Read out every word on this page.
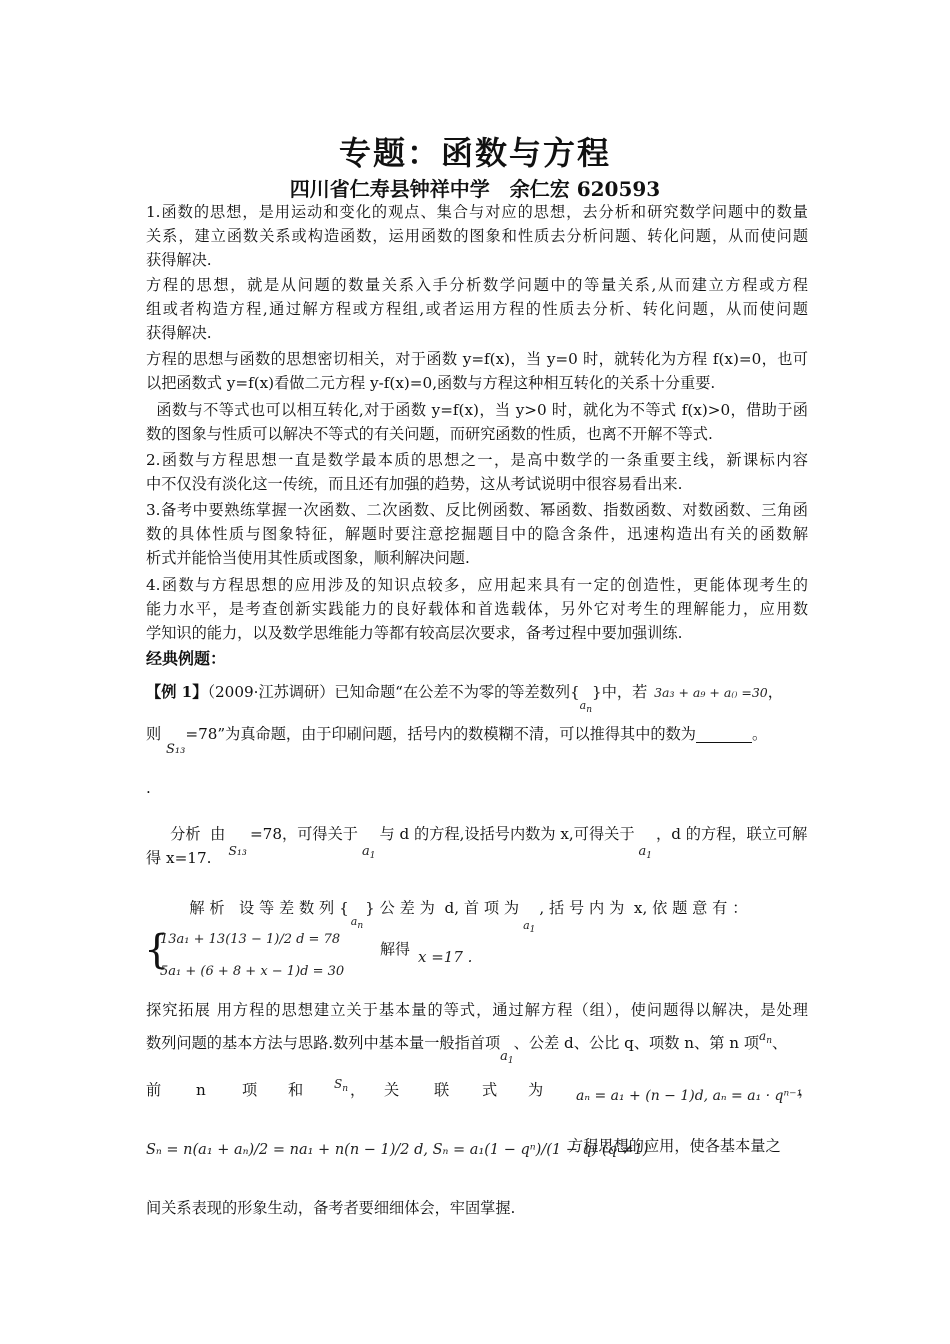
专题：函数与方程
四川省仁寿县钟祥中学　余仁宏 620593
1.函数的思想，是用运动和变化的观点、集合与对应的思想，去分析和研究数学问题中的数量
关系，建立函数关系或构造函数，运用函数的图象和性质去分析问题、转化问题，从而使问题
获得解决.
方程的思想，就是从问题的数量关系入手分析数学问题中的等量关系,从而建立方程或方程
组或者构造方程,通过解方程或方程组,或者运用方程的性质去分析、转化问题，从而使问题
获得解决.
方程的思想与函数的思想密切相关，对于函数 y=f(x)，当 y=0 时，就转化为方程 f(x)=0，也可
以把函数式 y=f(x)看做二元方程 y-f(x)=0,函数与方程这种相互转化的关系十分重要.
函数与不等式也可以相互转化,对于函数 y=f(x)，当 y>0 时，就化为不等式 f(x)>0，借助于函
数的图象与性质可以解决不等式的有关问题，而研究函数的性质，也离不开解不等式.
2.函数与方程思想一直是数学最本质的思想之一，是高中数学的一条重要主线，新课标内容
中不仅没有淡化这一传统，而且还有加强的趋势，这从考试说明中很容易看出来.
3.备考中要熟练掌握一次函数、二次函数、反比例函数、幂函数、指数函数、对数函数、三角函
数的具体性质与图象特征，解题时要注意挖掘题目中的隐含条件，迅速构造出有关的函数解
析式并能恰当使用其性质或图象，顺利解决问题.
4.函数与方程思想的应用涉及的知识点较多，应用起来具有一定的创造性，更能体现考生的
能力水平，是考查创新实践能力的良好载体和首选载体，另外它对考生的理解能力，应用数
学知识的能力，以及数学思维能力等都有较高层次要求，备考过程中要加强训练.
经典例题：
【例 1】（2009·江苏调研）已知命题“在公差不为零的等差数列$\{_{a_n}\}$中，若 3a₃ + a₉ + a₍₎ =30，
则 S₁₃=78”为真命题，由于印刷问题，括号内的数模糊不清，可以推得其中的数为	。
.

分析  由$_{S_{13}}$=78，可得关于$a_1$与 d 的方程,设括号内数为 x,可得关于$a_1$，d 的方程，联立可解

得 x=17.

解 析   设 等 差 数 列 $\{_{a_n}\}$ 公 差 为  d, 首 项 为$_{a_1}$, 括 号 内 为  x, 依 题 意 有 ：

{
13a₁ + 13(13 − 1)/2 d = 78
5a₁ + (6 + 8 + x − 1)d = 30
解得 x =17 .
探究拓展 用方程的思想建立关于基本量的等式，通过解方程（组），使问题得以解决，是处理
数列问题的基本方法与思路.数列中基本量一般指首项$a_1$、公差 d、公比 q、项数 n、第 n 项$^{a_n}$、
前 n 项 和	$S_n$ ， 关 联 式 为 aₙ = a₁ + (n − 1)d, aₙ = a₁ · qⁿ⁻¹
，
Sₙ = n(a₁ + aₙ)/2 = na₁ + n(n − 1)/2 d, Sₙ = a₁(1 − qⁿ)/(1 − q) (q ≠1)
方程思想的应用，使各基本量之
间关系表现的形象生动，备考者要细细体会，牢固掌握.
